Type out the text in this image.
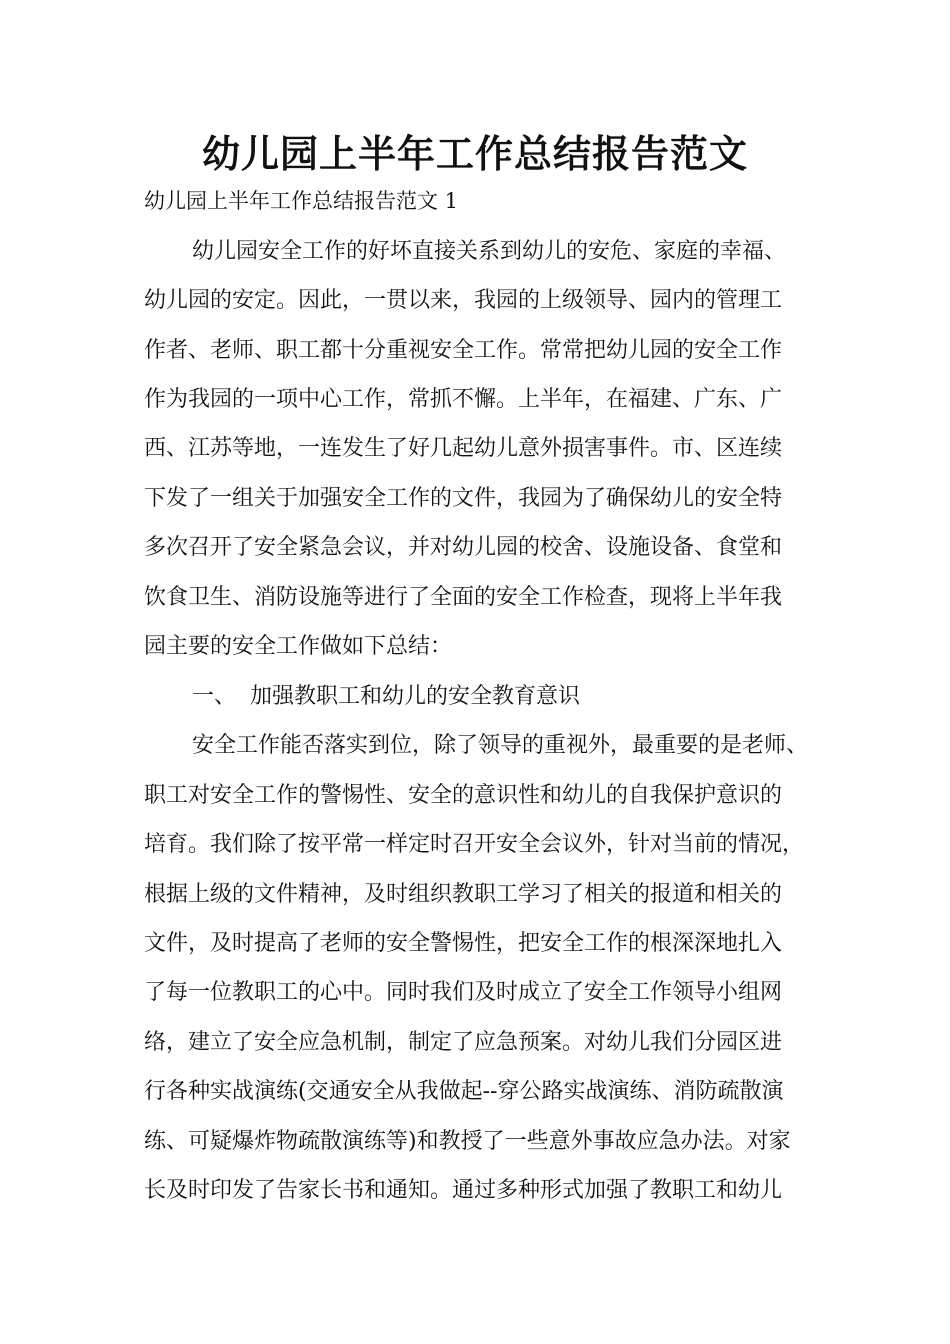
幼儿园上半年工作总结报告范文

幼儿园上半年工作总结报告范文 1

幼儿园安全工作的好坏直接关系到幼儿的安危、家庭的幸福、

幼儿园的安定。因此，一贯以来，我园的上级领导、园内的管理工

作者、老师、职工都十分重视安全工作。常常把幼儿园的安全工作

作为我园的一项中心工作，常抓不懈。上半年，在福建、广东、广

西、江苏等地，一连发生了好几起幼儿意外损害事件。市、区连续

下发了一组关于加强安全工作的文件，我园为了确保幼儿的安全特

多次召开了安全紧急会议，并对幼儿园的校舍、设施设备、食堂和

饮食卫生、消防设施等进行了全面的安全工作检查，现将上半年我

园主要的安全工作做如下总结：

一、  加强教职工和幼儿的安全教育意识

安全工作能否落实到位，除了领导的重视外，最重要的是老师、

职工对安全工作的警惕性、安全的意识性和幼儿的自我保护意识的

培育。我们除了按平常一样定时召开安全会议外，针对当前的情况，

根据上级的文件精神，及时组织教职工学习了相关的报道和相关的

文件，及时提高了老师的安全警惕性，把安全工作的根深深地扎入

了每一位教职工的心中。同时我们及时成立了安全工作领导小组网

络，建立了安全应急机制，制定了应急预案。对幼儿我们分园区进

行各种实战演练(交通安全从我做起--穿公路实战演练、消防疏散演

练、可疑爆炸物疏散演练等)和教授了一些意外事故应急办法。对家

长及时印发了告家长书和通知。通过多种形式加强了教职工和幼儿
